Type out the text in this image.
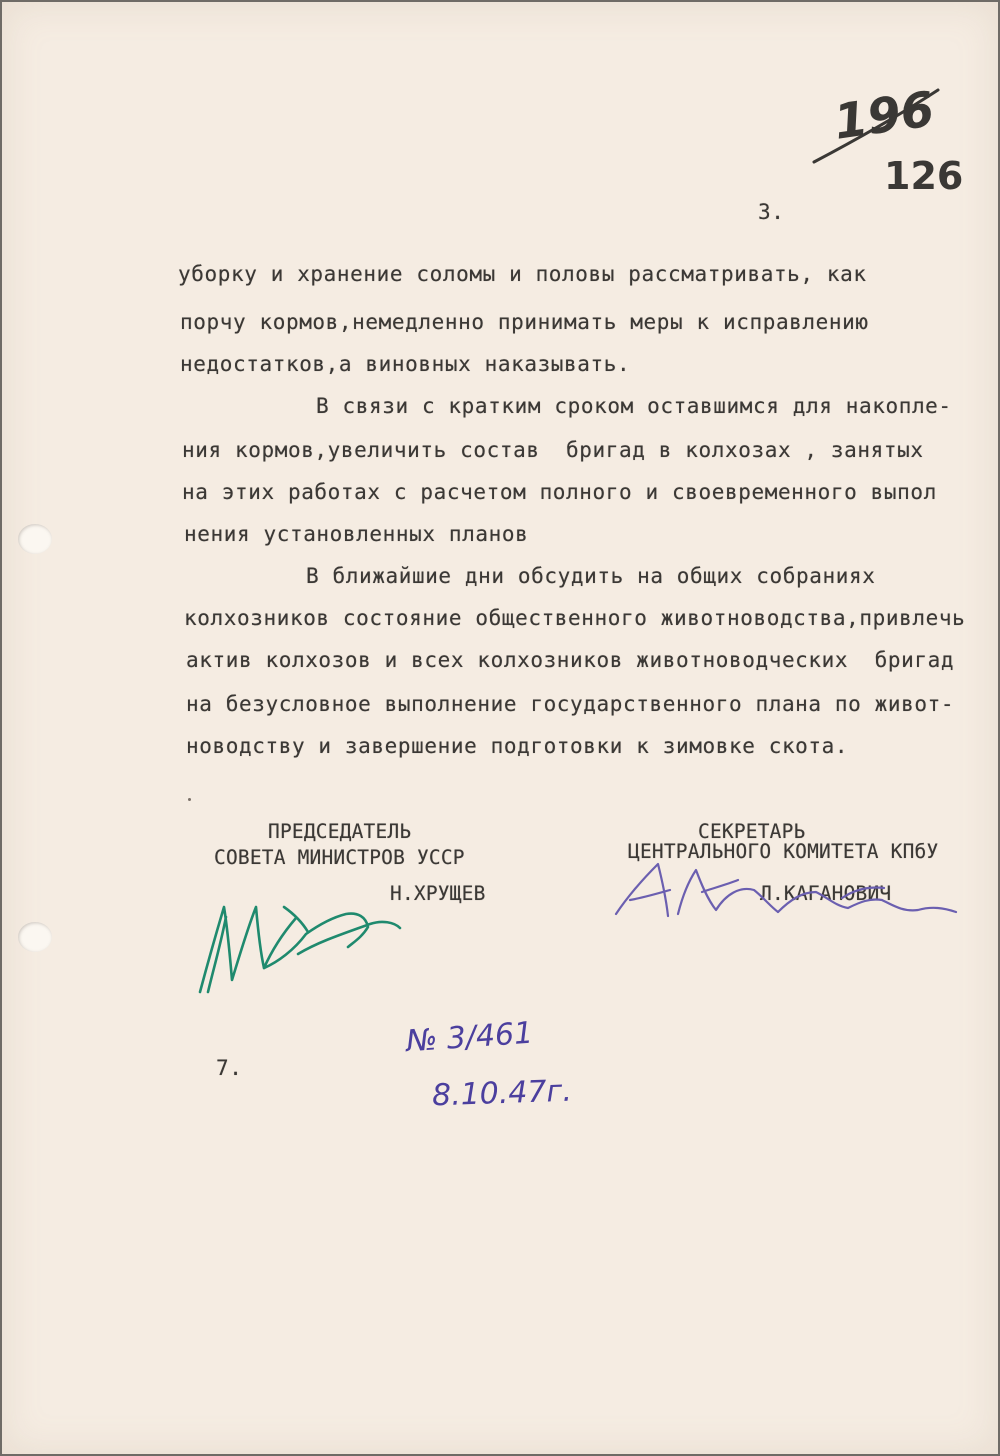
196
126
3.
уборку и хранение соломы и половы рассматривать, как
порчу кормов,немедленно принимать меры к исправлению
недостатков,а виновных наказывать.
В связи с кратким сроком оставшимся для накопле-
ния кормов,увеличить состав  бригад в колхозах , занятых
на этих работах с расчетом полного и своевременного выпол
нения установленных планов
В ближайшие дни обсудить на общих собраниях
колхозников состояние общественного животноводства,привлечь
актив колхозов и всех колхозников животноводческих  бригад
на безусловное выполнение государственного плана по живот-
новодству и завершение подготовки к зимовке скота.
ПРЕДСЕДАТЕЛЬ
СОВЕТА МИНИСТРОВ УССР
Н.ХРУЩЕВ
СЕКРЕТАРЬ
ЦЕНТРАЛЬНОГО КОМИТЕТА КПбУ
Л.КАГАНОВИЧ
7.
№ 3/461
8.10.47г.
